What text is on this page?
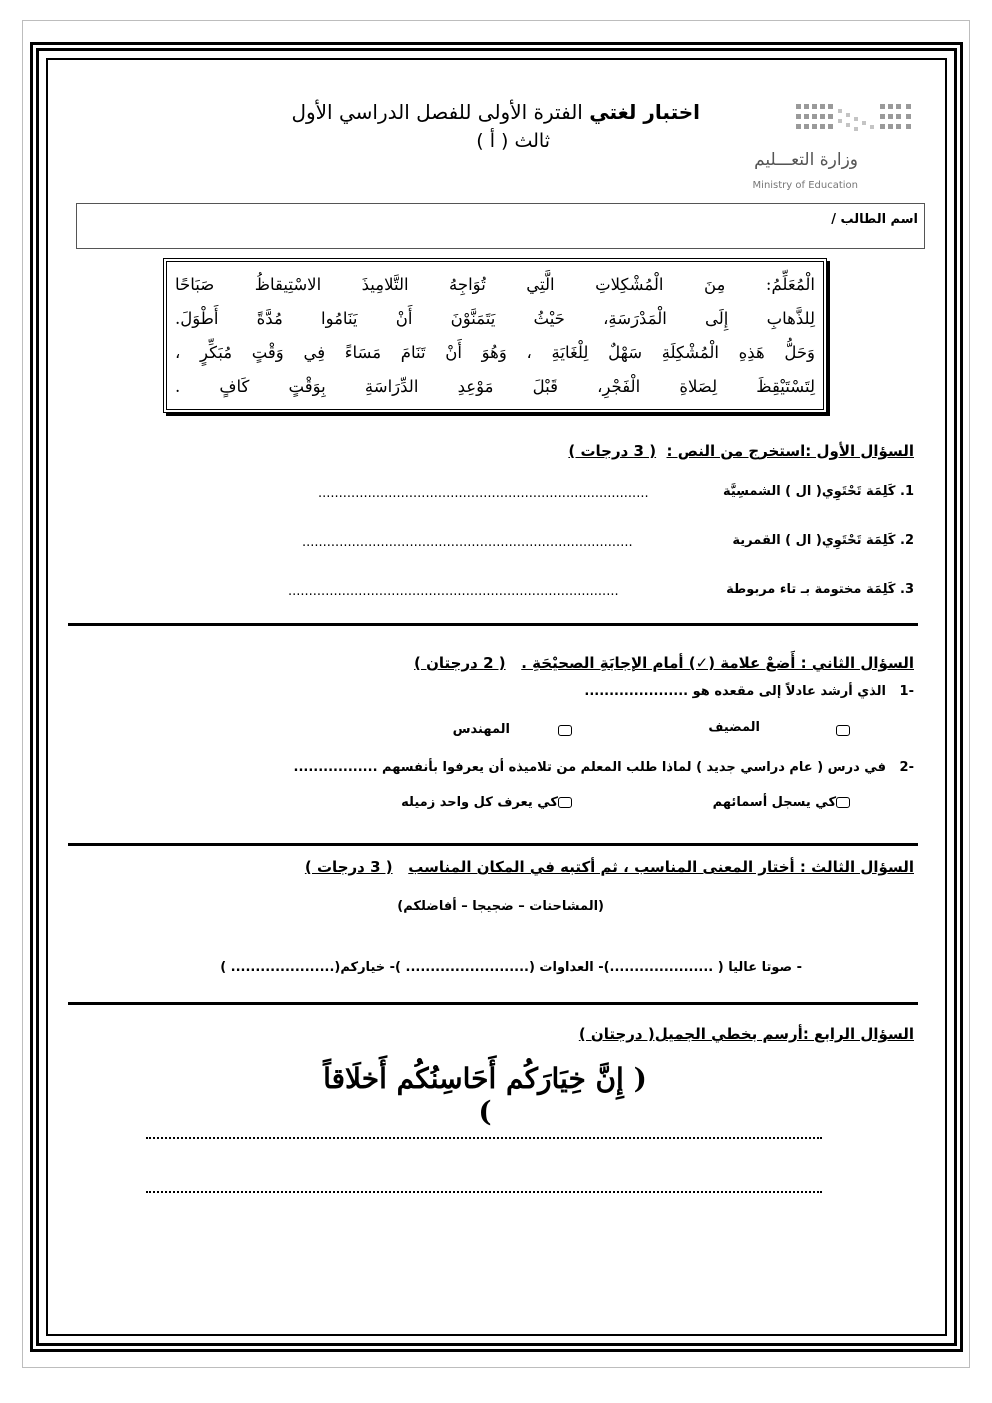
وزارة التعـــليم
Ministry of Education
اختبار لغتي الفترة الأولى للفصل الدراسي الأول
ثالث ( أ )
اسم الطالب /
الْمُعَلِّمُ: مِنَ الْمُشْكِلاتِ الَّتِي تُوَاجِهُ التَّلامِيذَ الاسْتِيقاظُ صَبَاحًا
لِلذَّهابِ إِلَى الْمَدْرَسَةِ، حَيْثُ يَتَمَنَّوْنَ أَنْ يَنَامُوا مُدَّةً أَطْوَلَ.
وَحَلُّ هَذِهِ الْمُشْكِلَةِ سَهْلٌ لِلْغَايَةِ ، وَهُوَ أَنْ تَنَامَ مَسَاءً فِي وَقْتٍ مُبَكِّرٍ ،
لِتَسْتَيْقِظَ لِصَلاةِ الْفَجْرِ، قَبْلَ مَوْعِدِ الدِّرَاسَةِ بِوَقْتٍ كَافٍ .
السؤال الأول :استخرج من النص :  ( 3 درجات )
1. كَلِمَة تَحْتَوِي( ال ) الشمسِيَّة
................................................................................
2. كَلِمَة تَحْتَوِي( ال ) القمرية
................................................................................
3. كَلِمَة مختومة بـ تاء مربوطة
................................................................................
السؤال الثاني : أَضعْ علامة (✓) أمام الإجابَةِ الصحيْحَةِ .   ( 2 درجتان )
-1   الذي أرشد عادلاً إلى مقعده هو .....................
المضيف
المهندس
-2   في درس ( عام دراسي جديد ) لماذا طلب المعلم من تلاميذه أن يعرفوا بأنفسهم .................
كي يسجل أسمائهم
كي يعرف كل واحد زميله
السؤال الثالث : أختار المعنى المناسب ، ثم أكتبه في المكان المناسب   ( 3 درجات )
(المشاحنات – ضجيجا – أفاضلكم)
- صوتا عاليا ( .....................)- العداوات (......................... )- خياركم(..................... )
السؤال الرابع :أرسم بخطي الجميل( درجتان )
( إِنَّ خِيَارَكُم أَحَاسِنُكُم أَخلَاقاً )
